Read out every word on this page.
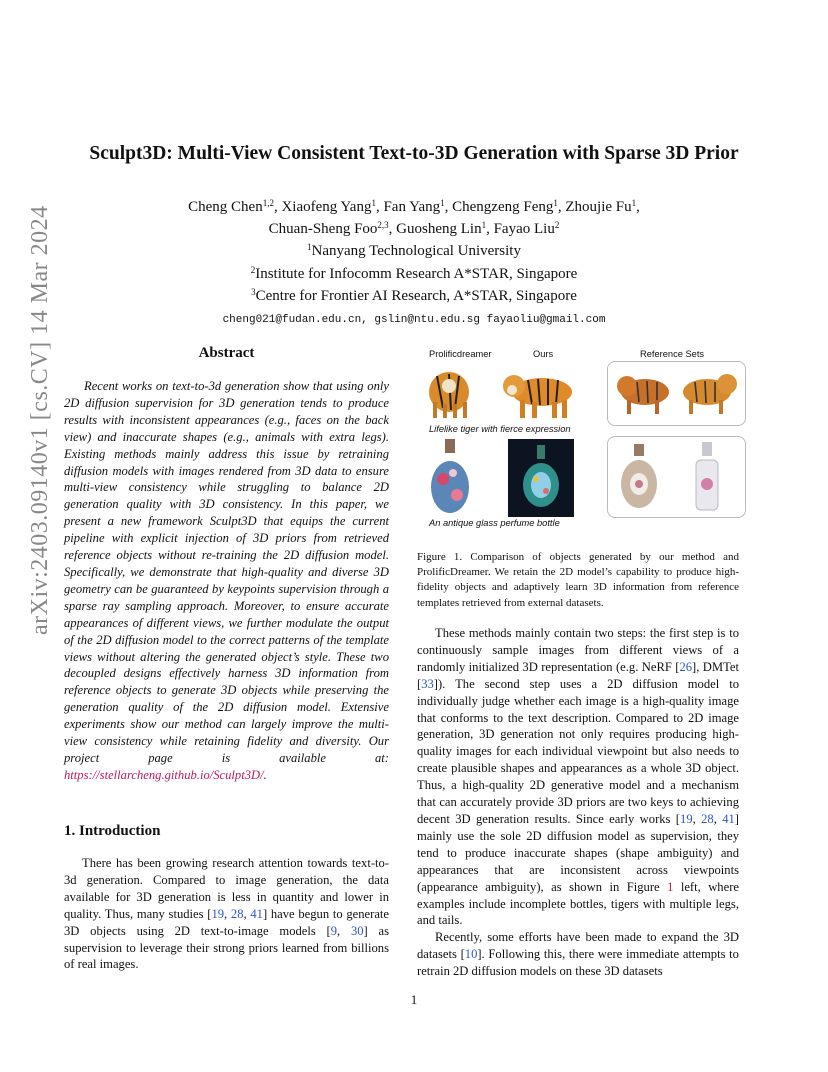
arXiv:2403.09140v1 [cs.CV] 14 Mar 2024
Sculpt3D: Multi-View Consistent Text-to-3D Generation with Sparse 3D Prior
Cheng Chen$^{1,2}$, Xiaofeng Yang$^1$, Fan Yang$^1$, Chengzeng Feng$^1$, Zhoujie Fu$^1$,
Chuan-Sheng Foo$^{2,3}$, Guosheng Lin$^1$, Fayao Liu$^2$
$^1$Nanyang Technological University
$^2$Institute for Infocomm Research A*STAR, Singapore
$^3$Centre for Frontier AI Research, A*STAR, Singapore
cheng021@fudan.edu.cn, gslin@ntu.edu.sg fayaoliu@gmail.com
Abstract

Recent works on text-to-3d generation show that using only 2D diffusion supervision for 3D generation tends to produce results with inconsistent appearances (e.g., faces on the back view) and inaccurate shapes (e.g., animals with extra legs). Existing methods mainly address this issue by retraining diffusion models with images rendered from 3D data to ensure multi-view consistency while struggling to balance 2D generation quality with 3D consistency. In this paper, we present a new framework Sculpt3D that equips the current pipeline with explicit injection of 3D priors from retrieved reference objects without re-training the 2D diffusion model. Specifically, we demonstrate that high-quality and diverse 3D geometry can be guaranteed by keypoints supervision through a sparse ray sampling approach. Moreover, to ensure accurate appearances of different views, we further modulate the output of the 2D diffusion model to the correct patterns of the template views without altering the generated object’s style. These two decoupled designs effectively harness 3D information from reference objects to generate 3D objects while preserving the generation quality of the 2D diffusion model. Extensive experiments show our method can largely improve the multi-view consistency while retaining fidelity and diversity. Our project page is available at: https://stellarcheng.github.io/Sculpt3D/.

1. Introduction

There has been growing research attention towards text-to-3d generation. Compared to image generation, the data available for 3D generation is less in quantity and lower in quality. Thus, many studies [19, 28, 41] have begun to generate 3D objects using 2D text-to-image models [9, 30] as supervision to leverage their strong priors learned from billions of real images.

Prolificdreamer	Ours	Reference Sets
Lifelike tiger with fierce expression
An antique glass perfume bottle
Figure 1. Comparison of objects generated by our method and ProlificDreamer. We retain the 2D model’s capability to produce high-fidelity objects and adaptively learn 3D information from reference templates retrieved from external datasets.

These methods mainly contain two steps: the first step is to continuously sample images from different views of a randomly initialized 3D representation (e.g. NeRF [26], DMTet [33]). The second step uses a 2D diffusion model to individually judge whether each image is a high-quality image that conforms to the text description. Compared to 2D image generation, 3D generation not only requires producing high-quality images for each individual viewpoint but also needs to create plausible shapes and appearances as a whole 3D object. Thus, a high-quality 2D generative model and a mechanism that can accurately provide 3D priors are two keys to achieving decent 3D generation results. Since early works [19, 28, 41] mainly use the sole 2D diffusion model as supervision, they tend to produce inaccurate shapes (shape ambiguity) and appearances that are inconsistent across viewpoints (appearance ambiguity), as shown in Figure 1 left, where examples include incomplete bottles, tigers with multiple legs, and tails.

Recently, some efforts have been made to expand the 3D datasets [10]. Following this, there were immediate attempts to retrain 2D diffusion models on these 3D datasets

1
